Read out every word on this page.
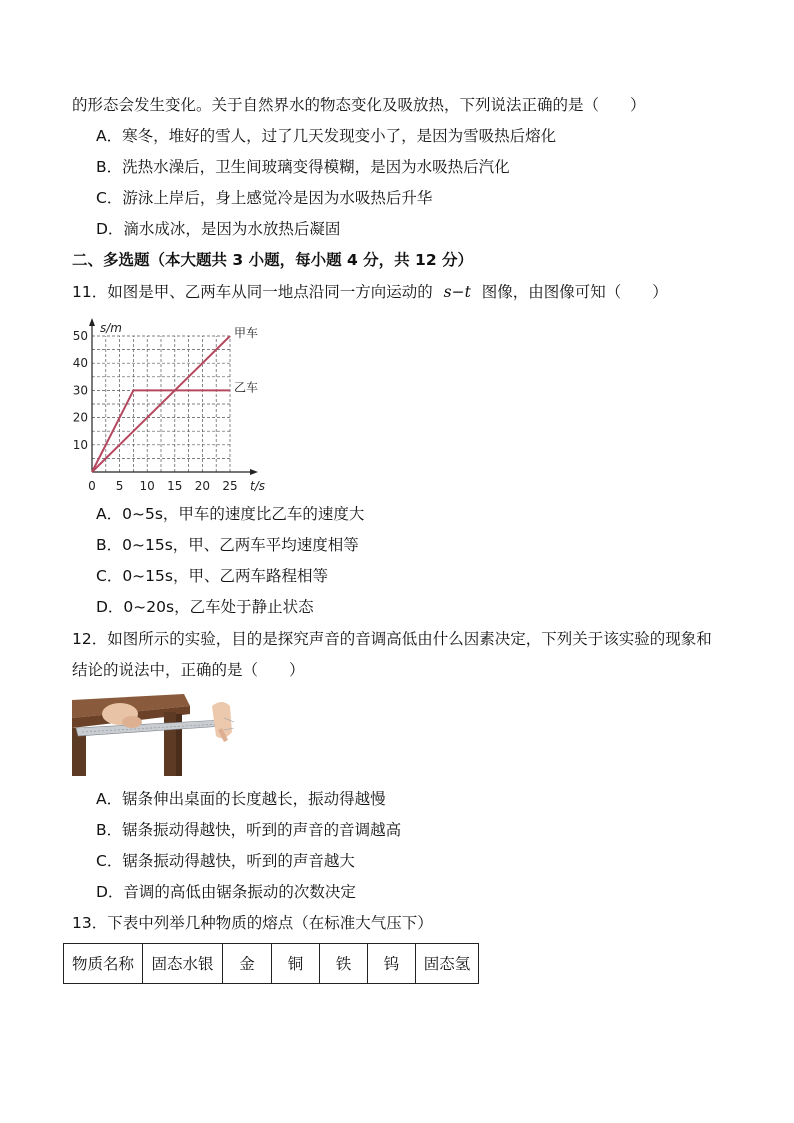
的形态会发生变化。关于自然界水的物态变化及吸放热，下列说法正确的是（　　）
A．寒冬，堆好的雪人，过了几天发现变小了，是因为雪吸热后熔化
B．洗热水澡后，卫生间玻璃变得模糊，是因为水吸热后汽化
C．游泳上岸后，身上感觉冷是因为水吸热后升华
D．滴水成冰，是因为水放热后凝固
二、多选题（本大题共 3 小题，每小题 4 分，共 12 分）
11．如图是甲、乙两车从同一地点沿同一方向运动的 s−t 图像，由图像可知（　　）
0 5 10 15 20 25
10
20
30
40
50
s/m
t/s
甲车
乙车
A．0~5s，甲车的速度比乙车的速度大
B．0~15s，甲、乙两车平均速度相等
C．0~15s，甲、乙两车路程相等
D．0~20s，乙车处于静止状态
12．如图所示的实验，目的是探究声音的音调高低由什么因素决定，下列关于该实验的现象和
结论的说法中，正确的是（　　）
A．锯条伸出桌面的长度越长，振动得越慢
B．锯条振动得越快，听到的声音的音调越高
C．锯条振动得越快，听到的声音越大
D．音调的高低由锯条振动的次数决定
13．下表中列举几种物质的熔点（在标准大气压下）
物质名称	固态水银	金	铜	铁	钨	固态氢
